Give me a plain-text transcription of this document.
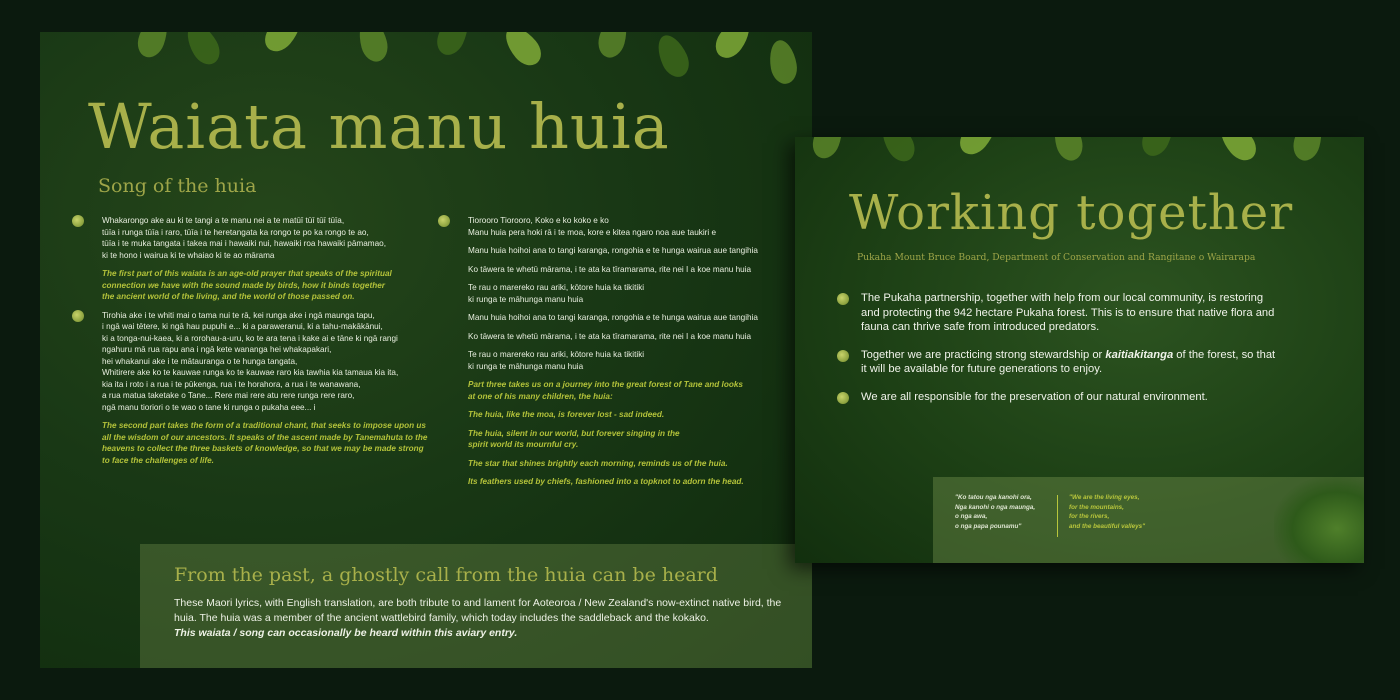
Waiata manu huia
Song of the huia
Whakarongo ake au ki te tangi a te manu nei a te matūī tūī tūī tūīa,
tūīa i runga tūīa i raro, tūīa i te heretangata ka rongo te po ka rongo te ao,
tūīa i te muka tangata i takea mai i hawaiki nui, hawaiki roa hawaiki pāmamao,
ki te hono i wairua ki te whaiao ki te ao mārama
The first part of this waiata is an age-old prayer that speaks of the spiritual
connection we have with the sound made by birds, how it binds together
the ancient world of the living, and the world of those passed on.
Tirohia ake i te whiti mai o tama nui te rā, kei runga ake i ngā maunga tapu,
i ngā wai tētere, ki ngā hau pupuhi e... ki a paraweranui, ki a tahu-makākānui,
ki a tonga-nui-kaea, ki a rorohau-a-uru, ko te ara tena i kake ai e tāne ki ngā rangi
ngahuru mā rua rapu ana i ngā kete wananga hei whakapakari,
hei whakanui ake i te mātauranga o te hunga tangata,
Whitirere ake ko te kauwae runga ko te kauwae raro kia tawhia kia tamaua kia ita,
kia ita i roto i a rua i te pūkenga, rua i te horahora, a rua i te wanawana,
a rua matua taketake o Tane... Rere mai rere atu rere runga rere raro,
ngā manu tioriori o te wao o tane ki runga o pukaha eee... i
The second part takes the form of a traditional chant, that seeks to impose upon us
all the wisdom of our ancestors. It speaks of the ascent made by Tanemahuta to the
heavens to collect the three baskets of knowledge, so that we may be made strong
to face the challenges of life.
Tiorooro Tiorooro, Koko e ko koko e ko
Manu huia pera hoki rā i te moa, kore e kitea ngaro noa aue taukiri e
Manu huia hoihoi ana to tangi karanga, rongohia e te hunga wairua aue tangihia
Ko tāwera te whetū mārama, i te ata ka tīramarama, rite nei I a koe manu huia
Te rau o marereko rau ariki, kōtore huia ka tikitiki
ki runga te māhunga manu huia
Manu huia hoihoi ana to tangi karanga, rongohia e te hunga wairua aue tangihia
Ko tāwera te whetū mārama, i te ata ka tīramarama, rite nei I a koe manu huia
Te rau o marereko rau ariki, kōtore huia ka tikitiki
ki runga te māhunga manu huia
Part three takes us on a journey into the great forest of Tane and looks
at one of his many children, the huia:
The huia, like the moa, is forever lost - sad indeed.
The huia, silent in our world, but forever singing in the
spirit world its mournful cry.
The star that shines brightly each morning, reminds us of the huia.
Its feathers used by chiefs, fashioned into a topknot to adorn the head.
From the past, a ghostly call from the huia can be heard
These Maori lyrics, with English translation, are both tribute to and lament for Aoteoroa / New Zealand's now-extinct native bird, the huia. The huia was a member of the ancient wattlebird family, which today includes the saddleback and the kokako.
This waiata / song can occasionally be heard within this aviary entry.
Working together
Pukaha Mount Bruce Board, Department of Conservation and Rangitane o Wairarapa
The Pukaha partnership, together with help from our local community, is restoring and protecting the 942 hectare Pukaha forest. This is to ensure that native flora and fauna can thrive safe from introduced predators.
Together we are practicing strong stewardship or kaitiakitanga of the forest, so that it will be available for future generations to enjoy.
We are all responsible for the preservation of our natural environment.
"Ko tatou nga kanohi ora,
Nga kanohi o nga maunga,
o nga awa,
o nga papa pounamu"
"We are the living eyes,
for the mountains,
for the rivers,
and the beautiful valleys"
